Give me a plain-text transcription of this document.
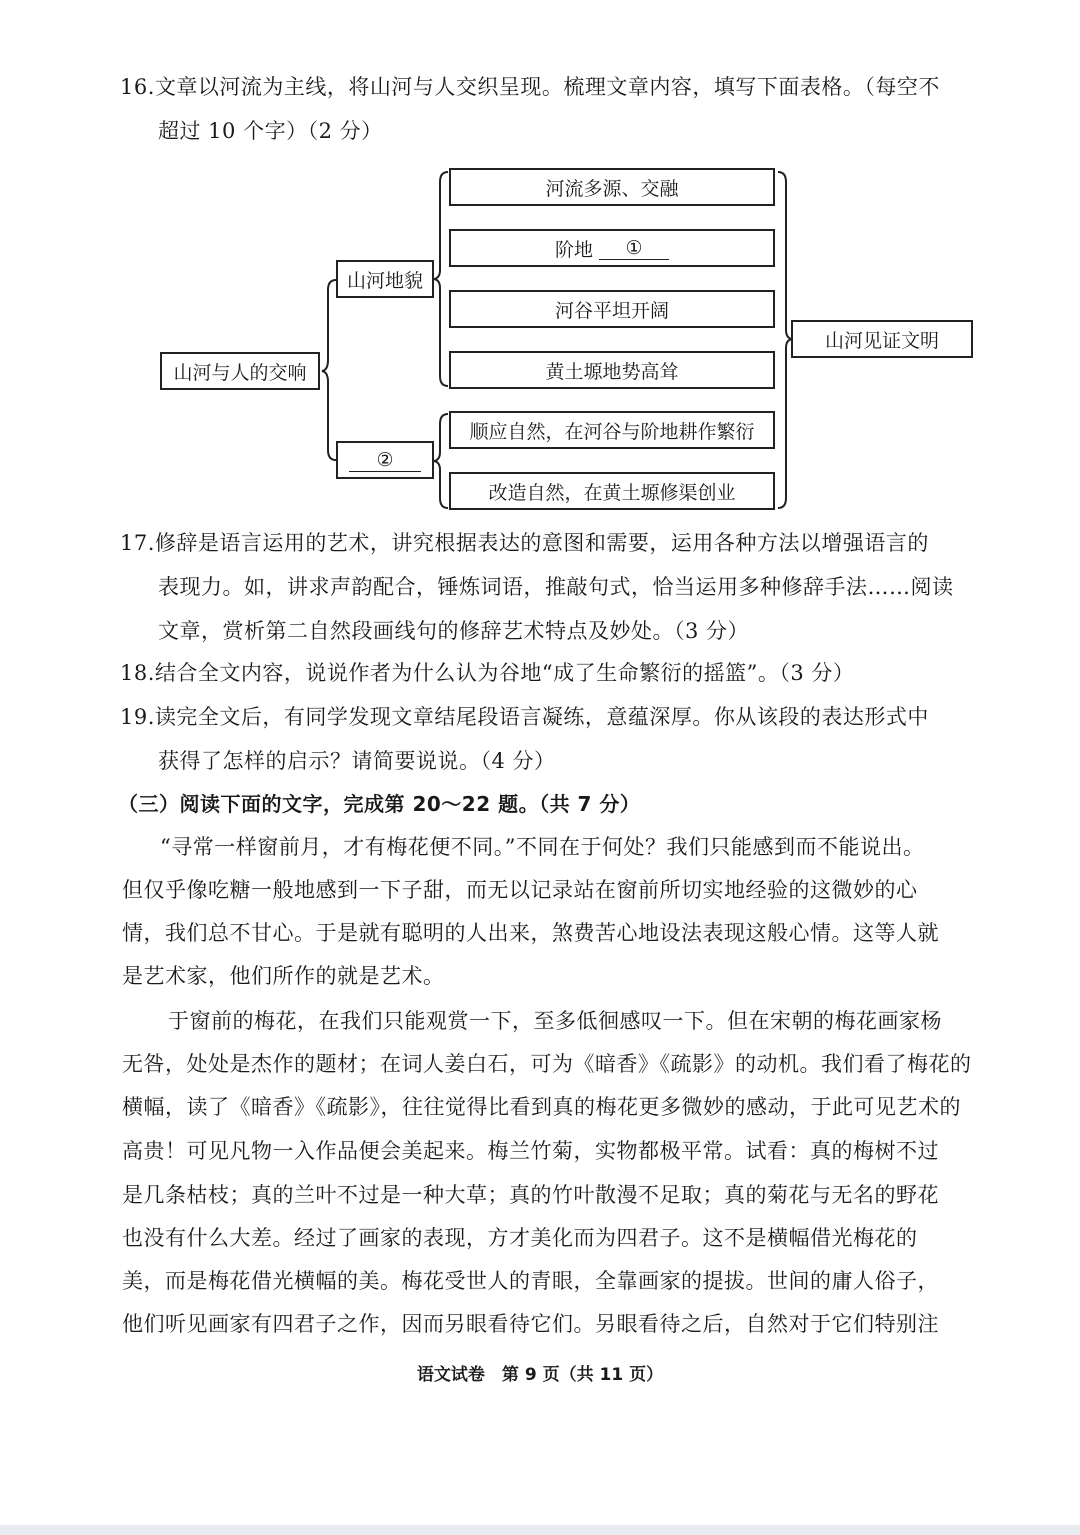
16.文章以河流为主线，将山河与人交织呈现。梳理文章内容，填写下面表格。（每空不
超过 10 个字）（2 分）
山河与人的交响
山河地貌
②
河流多源、交融
阶地	①
河谷平坦开阔
黄土塬地势高耸
顺应自然，在河谷与阶地耕作繁衍
改造自然，在黄土塬修渠创业
山河见证文明
17.修辞是语言运用的艺术，讲究根据表达的意图和需要，运用各种方法以增强语言的
表现力。如，讲求声韵配合，锤炼词语，推敲句式，恰当运用多种修辞手法……阅读
文章，赏析第二自然段画线句的修辞艺术特点及妙处。（3 分）
18.结合全文内容，说说作者为什么认为谷地“成了生命繁衍的摇篮”。（3 分）
19.读完全文后，有同学发现文章结尾段语言凝练，意蕴深厚。你从该段的表达形式中
获得了怎样的启示？请简要说说。（4 分）
（三）阅读下面的文字，完成第 20～22 题。（共 7 分）
“寻常一样窗前月，才有梅花便不同。”不同在于何处？我们只能感到而不能说出。
但仅乎像吃糖一般地感到一下子甜，而无以记录站在窗前所切实地经验的这微妙的心
情，我们总不甘心。于是就有聪明的人出来，煞费苦心地设法表现这般心情。这等人就
是艺术家，他们所作的就是艺术。
于窗前的梅花，在我们只能观赏一下，至多低徊感叹一下。但在宋朝的梅花画家杨
无咎，处处是杰作的题材；在词人姜白石，可为《暗香》《疏影》的动机。我们看了梅花的
横幅，读了《暗香》《疏影》，往往觉得比看到真的梅花更多微妙的感动，于此可见艺术的
高贵！可见凡物一入作品便会美起来。梅兰竹菊，实物都极平常。试看：真的梅树不过
是几条枯枝；真的兰叶不过是一种大草；真的竹叶散漫不足取；真的菊花与无名的野花
也没有什么大差。经过了画家的表现，方才美化而为四君子。这不是横幅借光梅花的
美，而是梅花借光横幅的美。梅花受世人的青眼，全靠画家的提拔。世间的庸人俗子，
他们听见画家有四君子之作，因而另眼看待它们。另眼看待之后，自然对于它们特别注
语文试卷　第 9 页（共 11 页）
